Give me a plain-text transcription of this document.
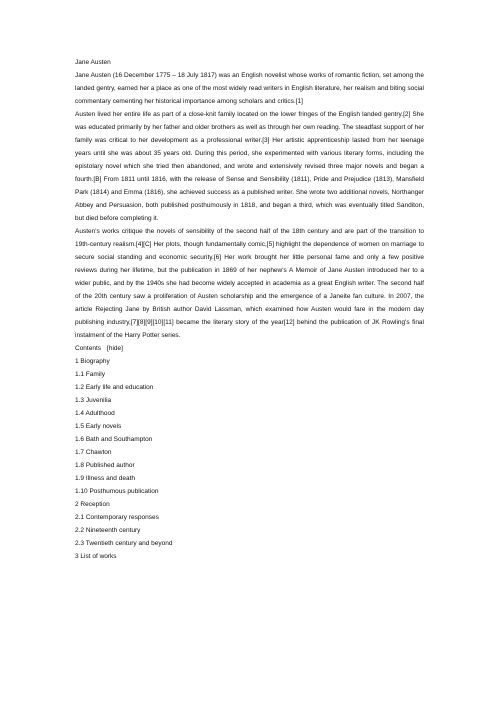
Jane Austen

Jane Austen (16 December 1775 – 18 July 1817) was an English novelist whose works of romantic fiction, set among the landed gentry, earned her a place as one of the most widely read writers in English literature, her realism and biting social commentary cementing her historical importance among scholars and critics.[1]

Austen lived her entire life as part of a close-knit family located on the lower fringes of the English landed gentry.[2] She was educated primarily by her father and older brothers as well as through her own reading. The steadfast support of her family was critical to her development as a professional writer.[3] Her artistic apprenticeship lasted from her teenage years until she was about 35 years old. During this period, she experimented with various literary forms, including the epistolary novel which she tried then abandoned, and wrote and extensively revised three major novels and began a fourth.[B] From 1811 until 1816, with the release of Sense and Sensibility (1811), Pride and Prejudice (1813), Mansfield Park (1814) and Emma (1816), she achieved success as a published writer. She wrote two additional novels, Northanger Abbey and Persuasion, both published posthumously in 1818, and began a third, which was eventually titled Sanditon, but died before completing it.

Austen's works critique the novels of sensibility of the second half of the 18th century and are part of the transition to 19th-century realism.[4][C] Her plots, though fundamentally comic,[5] highlight the dependence of women on marriage to secure social standing and economic security.[6] Her work brought her little personal fame and only a few positive reviews during her lifetime, but the publication in 1869 of her nephew's A Memoir of Jane Austen introduced her to a wider public, and by the 1940s she had become widely accepted in academia as a great English writer. The second half of the 20th century saw a proliferation of Austen scholarship and the emergence of a Janeite fan culture. In 2007, the article Rejecting Jane by British author David Lassman, which examined how Austen would fare in the modern day publishing industry,[7][8][9][10][11] became the literary story of the year[12] behind the publication of JK Rowling's final instalment of the Harry Potter series.

Contents [hide]
1 Biography
1.1 Family
1.2 Early life and education
1.3 Juvenilia
1.4 Adulthood
1.5 Early novels
1.6 Bath and Southampton
1.7 Chawton
1.8 Published author
1.9 Illness and death
1.10 Posthumous publication
2 Reception
2.1 Contemporary responses
2.2 Nineteenth century
2.3 Twentieth century and beyond
3 List of works
